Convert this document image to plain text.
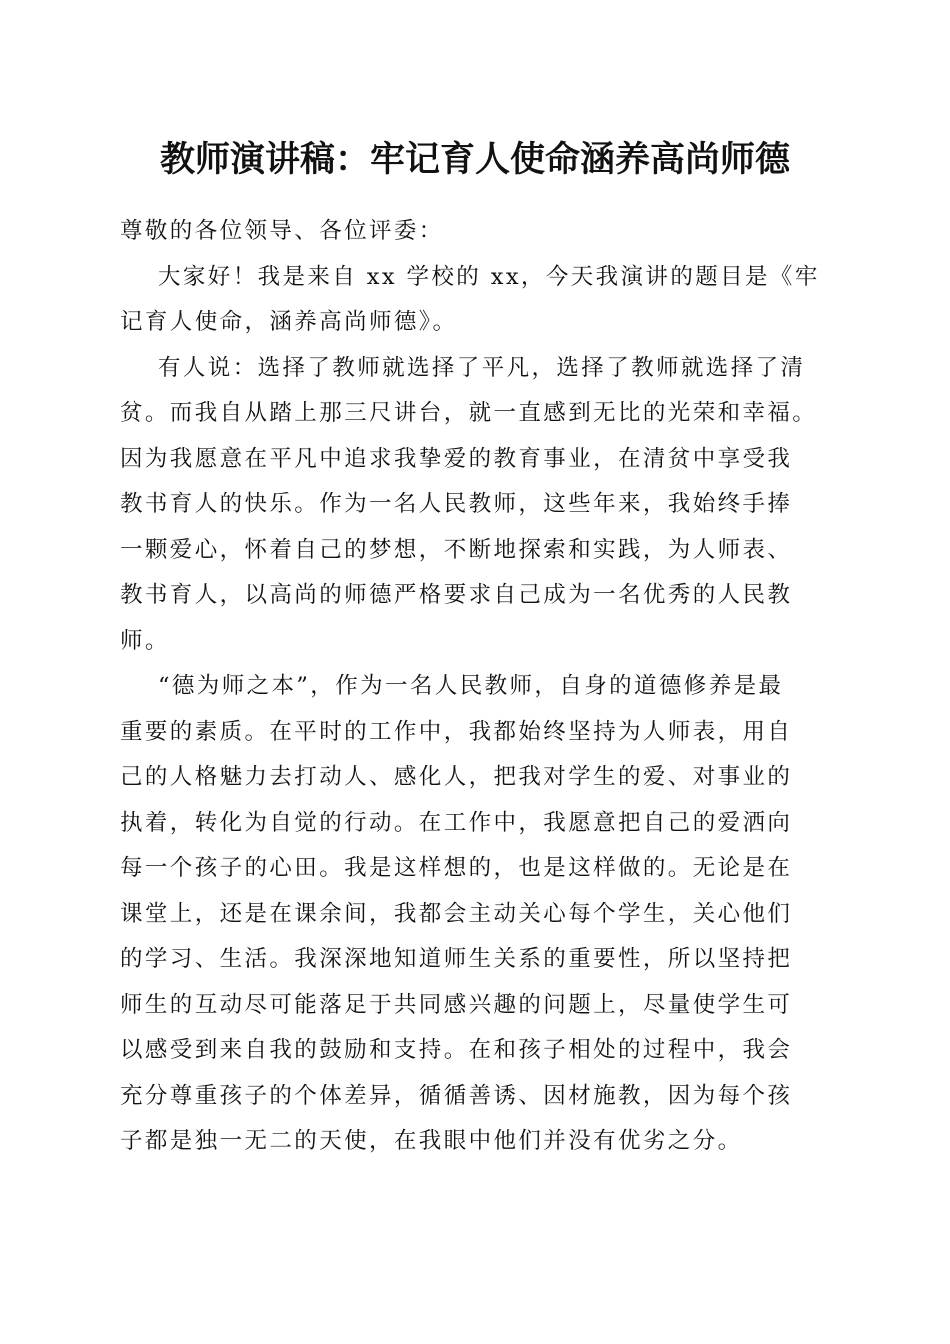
教师演讲稿：牢记育人使命涵养高尚师德
尊敬的各位领导、各位评委：
大家好！我是来自 xx 学校的 xx，今天我演讲的题目是《牢
记育人使命，涵养高尚师德》。
有人说：选择了教师就选择了平凡，选择了教师就选择了清
贫。而我自从踏上那三尺讲台，就一直感到无比的光荣和幸福。
因为我愿意在平凡中追求我挚爱的教育事业，在清贫中享受我
教书育人的快乐。作为一名人民教师，这些年来，我始终手捧
一颗爱心，怀着自己的梦想，不断地探索和实践，为人师表、
教书育人，以高尚的师德严格要求自己成为一名优秀的人民教
师。
“德为师之本”，作为一名人民教师，自身的道德修养是最
重要的素质。在平时的工作中，我都始终坚持为人师表，用自
己的人格魅力去打动人、感化人，把我对学生的爱、对事业的
执着，转化为自觉的行动。在工作中，我愿意把自己的爱洒向
每一个孩子的心田。我是这样想的，也是这样做的。无论是在
课堂上，还是在课余间，我都会主动关心每个学生，关心他们
的学习、生活。我深深地知道师生关系的重要性，所以坚持把
师生的互动尽可能落足于共同感兴趣的问题上，尽量使学生可
以感受到来自我的鼓励和支持。在和孩子相处的过程中，我会
充分尊重孩子的个体差异，循循善诱、因材施教，因为每个孩
子都是独一无二的天使，在我眼中他们并没有优劣之分。
